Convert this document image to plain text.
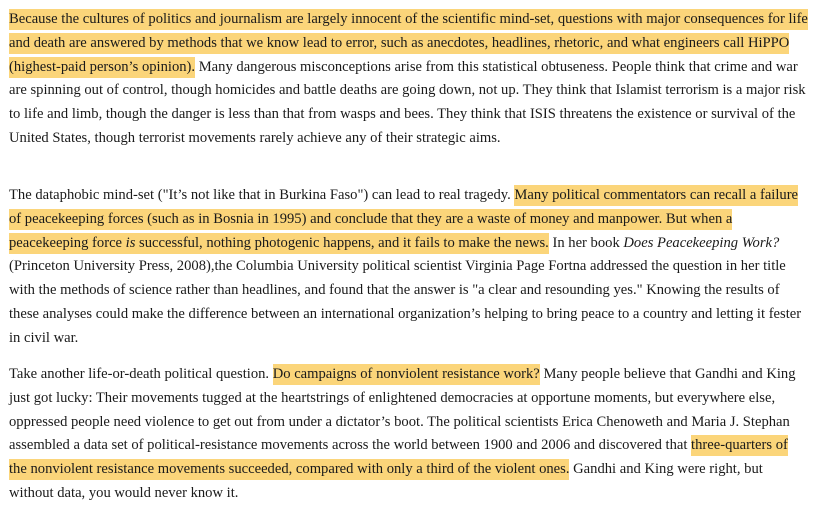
Because the cultures of politics and journalism are largely innocent of the scientific mind-set, questions with major consequences for life and death are answered by methods that we know lead to error, such as anecdotes, headlines, rhetoric, and what engineers call HiPPO (highest-paid person’s opinion). Many dangerous misconceptions arise from this statistical obtuseness. People think that crime and war are spinning out of control, though homicides and battle deaths are going down, not up. They think that Islamist terrorism is a major risk to life and limb, though the danger is less than that from wasps and bees. They think that ISIS threatens the existence or survival of the United States, though terrorist movements rarely achieve any of their strategic aims.

The dataphobic mind-set ("It’s not like that in Burkina Faso") can lead to real tragedy. Many political commentators can recall a failure of peacekeeping forces (such as in Bosnia in 1995) and conclude that they are a waste of money and manpower. But when a peacekeeping force is successful, nothing photogenic happens, and it fails to make the news. In her book Does Peacekeeping Work? (Princeton University Press, 2008),the Columbia University political scientist Virginia Page Fortna addressed the question in her title with the methods of science rather than headlines, and found that the answer is "a clear and resounding yes." Knowing the results of these analyses could make the difference between an international organization’s helping to bring peace to a country and letting it fester in civil war.

Take another life-or-death political question. Do campaigns of nonviolent resistance work? Many people believe that Gandhi and King just got lucky: Their movements tugged at the heartstrings of enlightened democracies at opportune moments, but everywhere else, oppressed people need violence to get out from under a dictator’s boot. The political scientists Erica Chenoweth and Maria J. Stephan assembled a data set of political-resistance movements across the world between 1900 and 2006 and discovered that three-quarters of the nonviolent resistance movements succeeded, compared with only a third of the violent ones. Gandhi and King were right, but without data, you would never know it.
